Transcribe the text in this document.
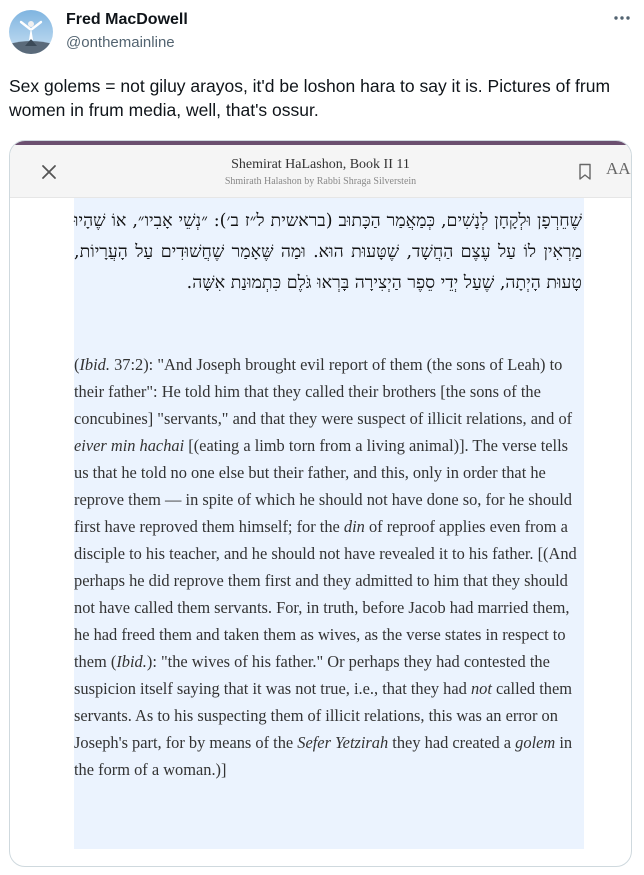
Fred MacDowell
@onthemainline

Sex golems = not giluy arayos, it'd be loshon hara to say it is. Pictures of frum women in frum media, well, that's ossur.

Shemirat HaLashon, Book II 11
Shmirath Halashon by Rabbi Shraga Silverstein
AA

שֶׁחֵרְפָן וּלְקָחָן לְנָשִׁים, כְּמַאֲמַר הַכָּתוּב (בראשית ל״ז ב׳): ״נְשֵׁי אָבִיו״, אוֹ שֶׁהָיוּ מַרְאִין לוֹ עַל עֶצֶם הַחֲשָׁד, שֶׁטָּעוּת הוּא. וּמַה שֶּׁאָמַר שֶׁחֲשׁוּדִים עַל הָעֲרָיוֹת, טָעוּת הָיְתָה, שֶׁעַל יְדֵי סֵפֶר הַיְצִירָה בָּרְאוּ גֹּלֶם כִּתְמוּנַת אִשָּׁה.

(Ibid. 37:2): "And Joseph brought evil report of them (the sons of Leah) to their father": He told him that they called their brothers [the sons of the concubines] "servants," and that they were suspect of illicit relations, and of eiver min hachai [(eating a limb torn from a living animal)]. The verse tells us that he told no one else but their father, and this, only in order that he reprove them — in spite of which he should not have done so, for he should first have reproved them himself; for the din of reproof applies even from a disciple to his teacher, and he should not have revealed it to his father. [(And perhaps he did reprove them first and they admitted to him that they should not have called them servants. For, in truth, before Jacob had married them, he had freed them and taken them as wives, as the verse states in respect to them (Ibid.): "the wives of his father." Or perhaps they had contested the suspicion itself saying that it was not true, i.e., that they had not called them servants. As to his suspecting them of illicit relations, this was an error on Joseph's part, for by means of the Sefer Yetzirah they had created a golem in the form of a woman.)]
